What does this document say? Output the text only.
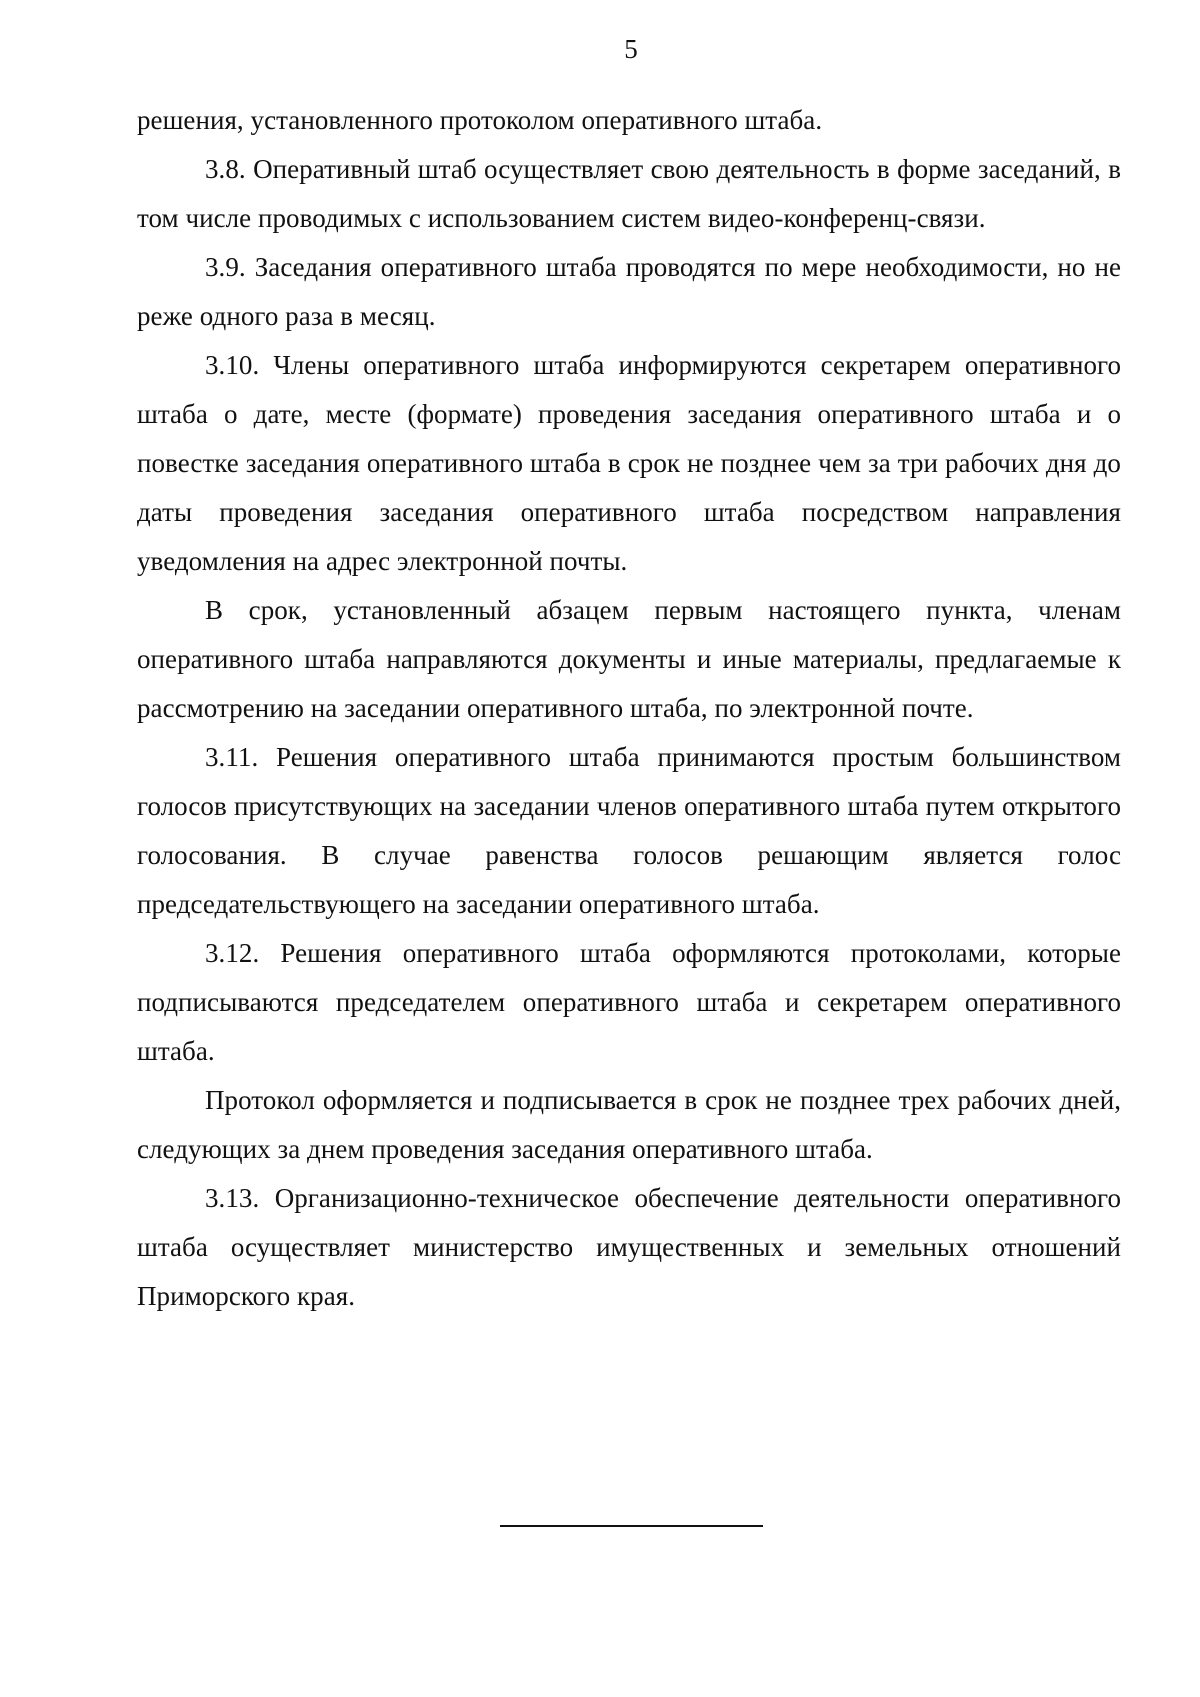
5

решения, установленного протоколом оперативного штаба.

3.8. Оперативный штаб осуществляет свою деятельность в форме заседаний, в том числе проводимых с использованием систем видео-конференц-связи.

3.9. Заседания оперативного штаба проводятся по мере необходимости, но не реже одного раза в месяц.

3.10. Члены оперативного штаба информируются секретарем оперативного штаба о дате, месте (формате) проведения заседания оперативного штаба и о повестке заседания оперативного штаба в срок не позднее чем за три рабочих дня до даты проведения заседания оперативного штаба посредством направления уведомления на адрес электронной почты.

В срок, установленный абзацем первым настоящего пункта, членам оперативного штаба направляются документы и иные материалы, предлагаемые к рассмотрению на заседании оперативного штаба, по электронной почте.

3.11. Решения оперативного штаба принимаются простым большинством голосов присутствующих на заседании членов оперативного штаба путем открытого голосования. В случае равенства голосов решающим является голос председательствующего на заседании оперативного штаба.

3.12. Решения оперативного штаба оформляются протоколами, которые подписываются председателем оперативного штаба и секретарем оперативного штаба.

Протокол оформляется и подписывается в срок не позднее трех рабочих дней, следующих за днем проведения заседания оперативного штаба.

3.13. Организационно-техническое обеспечение деятельности оперативного штаба осуществляет министерство имущественных и земельных отношений Приморского края.
